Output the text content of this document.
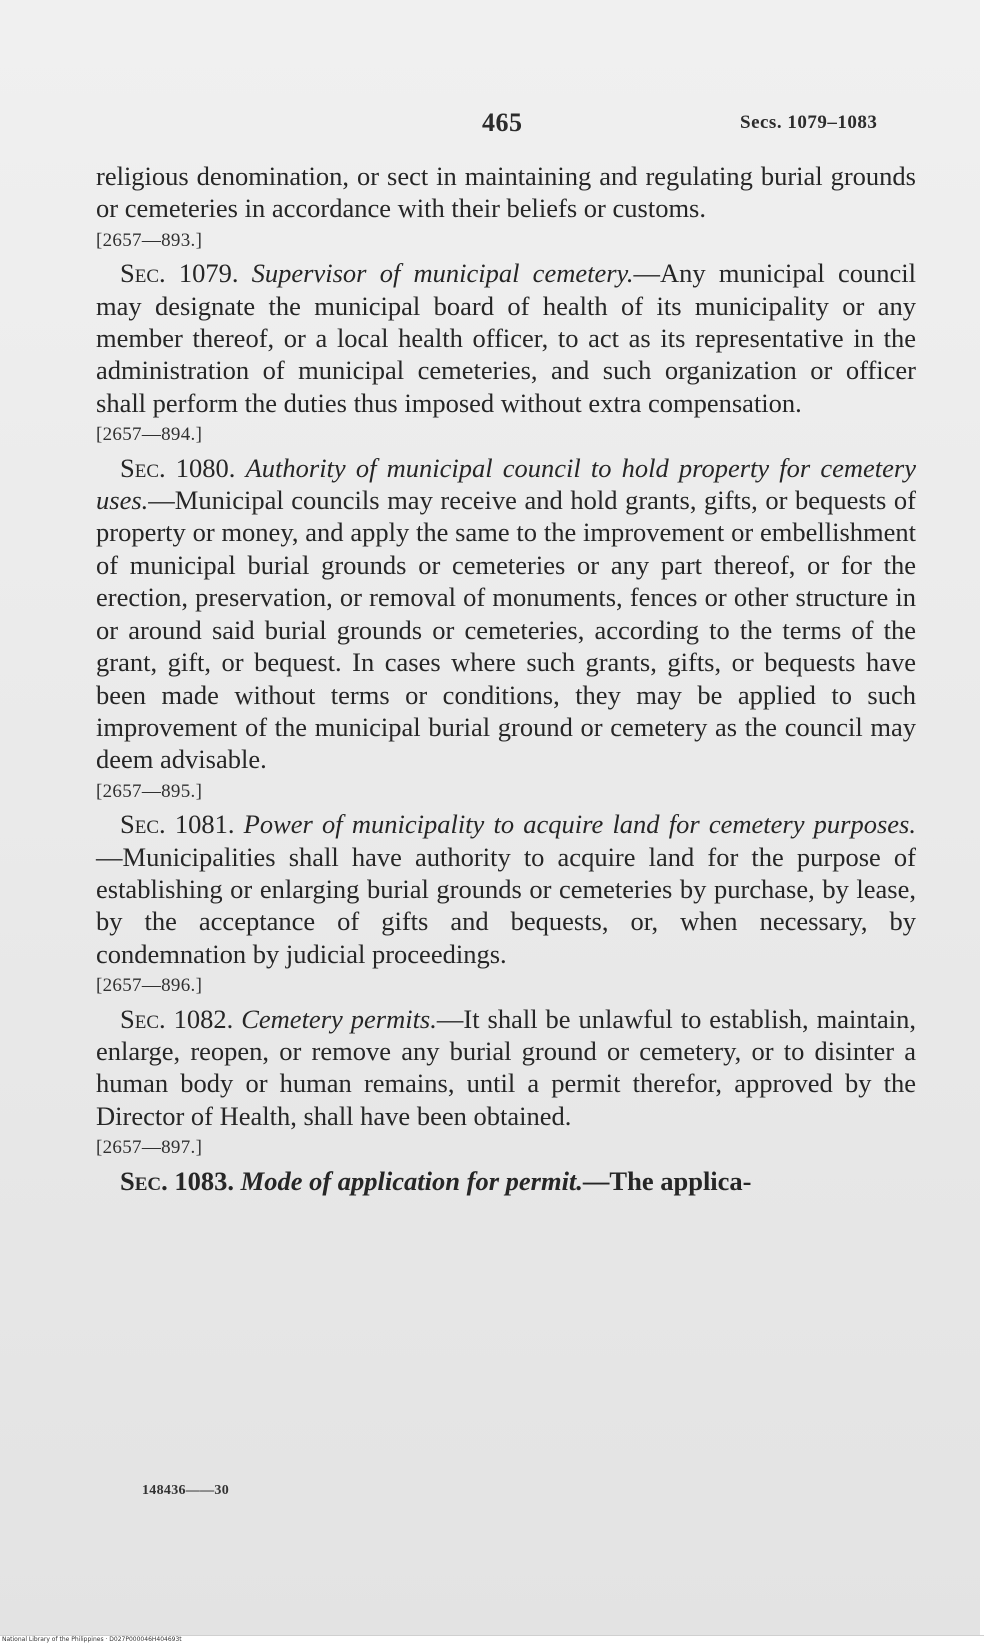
465	Secs. 1079–1083

religious denomination, or sect in maintaining and regulating burial grounds or cemeteries in accordance with their beliefs or customs.

[2657—893.]

Sec. 1079. Supervisor of municipal cemetery.—Any municipal council may designate the municipal board of health of its municipality or any member thereof, or a local health officer, to act as its representative in the administration of municipal cemeteries, and such organization or officer shall perform the duties thus imposed without extra compensation.

[2657—894.]

Sec. 1080. Authority of municipal council to hold property for cemetery uses.—Municipal councils may receive and hold grants, gifts, or bequests of property or money, and apply the same to the improvement or embellishment of municipal burial grounds or cemeteries or any part thereof, or for the erection, preservation, or removal of monuments, fences or other structure in or around said burial grounds or cemeteries, according to the terms of the grant, gift, or bequest. In cases where such grants, gifts, or bequests have been made without terms or conditions, they may be applied to such improvement of the municipal burial ground or cemetery as the council may deem advisable.

[2657—895.]

Sec. 1081. Power of municipality to acquire land for cemetery purposes.—Municipalities shall have authority to acquire land for the purpose of establishing or enlarging burial grounds or cemeteries by purchase, by lease, by the acceptance of gifts and bequests, or, when necessary, by condemnation by judicial proceedings.

[2657—896.]

Sec. 1082. Cemetery permits.—It shall be unlawful to establish, maintain, enlarge, reopen, or remove any burial ground or cemetery, or to disinter a human body or human remains, until a permit therefor, approved by the Director of Health, shall have been obtained.

[2657—897.]

Sec. 1083. Mode of application for permit.—The applica-

148436——30
National Library of the Philippines · D027P000046H404693t
